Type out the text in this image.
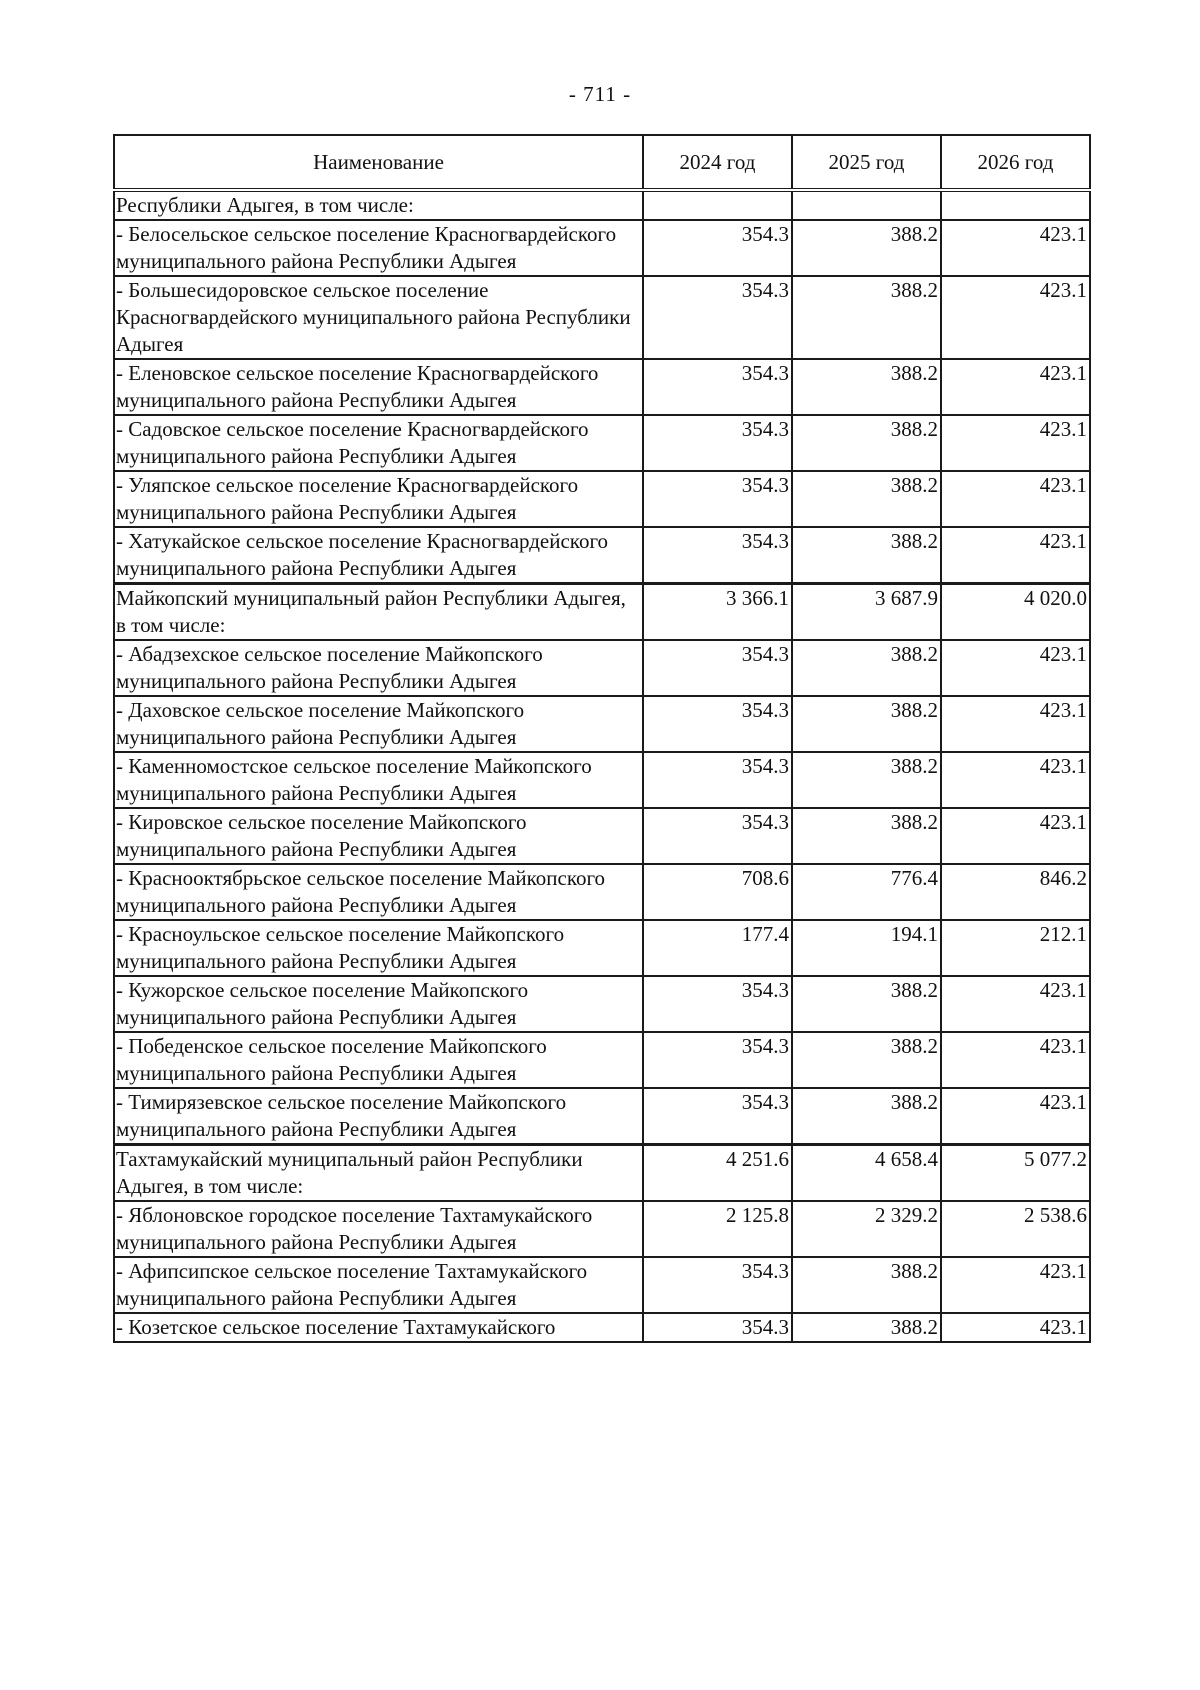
- 711 -
Наименование	2024 год	2025 год	2026 год
Республики Адыгея, в том числе:			
- Белосельское сельское поселение Красногвардейского муниципального района Республики Адыгея	354.3	388.2	423.1
- Большесидоровское сельское поселение Красногвардейского муниципального района Республики Адыгея	354.3	388.2	423.1
- Еленовское сельское поселение Красногвардейского муниципального района Республики Адыгея	354.3	388.2	423.1
- Садовское сельское поселение Красногвардейского муниципального района Республики Адыгея	354.3	388.2	423.1
- Уляпское сельское поселение Красногвардейского муниципального района Республики Адыгея	354.3	388.2	423.1
- Хатукайское сельское поселение Красногвардейского муниципального района Республики Адыгея	354.3	388.2	423.1
Майкопский муниципальный район Республики Адыгея, в том числе:	3 366.1	3 687.9	4 020.0
- Абадзехское сельское поселение Майкопского муниципального района Республики Адыгея	354.3	388.2	423.1
- Даховское сельское поселение Майкопского муниципального района Республики Адыгея	354.3	388.2	423.1
- Каменномостское сельское поселение Майкопского муниципального района Республики Адыгея	354.3	388.2	423.1
- Кировское сельское поселение Майкопского муниципального района Республики Адыгея	354.3	388.2	423.1
- Краснооктябрьское сельское поселение Майкопского муниципального района Республики Адыгея	708.6	776.4	846.2
- Красноульское сельское поселение Майкопского муниципального района Республики Адыгея	177.4	194.1	212.1
- Кужорское сельское поселение Майкопского муниципального района Республики Адыгея	354.3	388.2	423.1
- Победенское сельское поселение Майкопского муниципального района Республики Адыгея	354.3	388.2	423.1
- Тимирязевское сельское поселение Майкопского муниципального района Республики Адыгея	354.3	388.2	423.1
Тахтамукайский муниципальный район Республики Адыгея, в том числе:	4 251.6	4 658.4	5 077.2
- Яблоновское городское поселение Тахтамукайского муниципального района Республики Адыгея	2 125.8	2 329.2	2 538.6
- Афипсипское сельское поселение Тахтамукайского муниципального района Республики Адыгея	354.3	388.2	423.1
- Козетское сельское поселение Тахтамукайского	354.3	388.2	423.1
